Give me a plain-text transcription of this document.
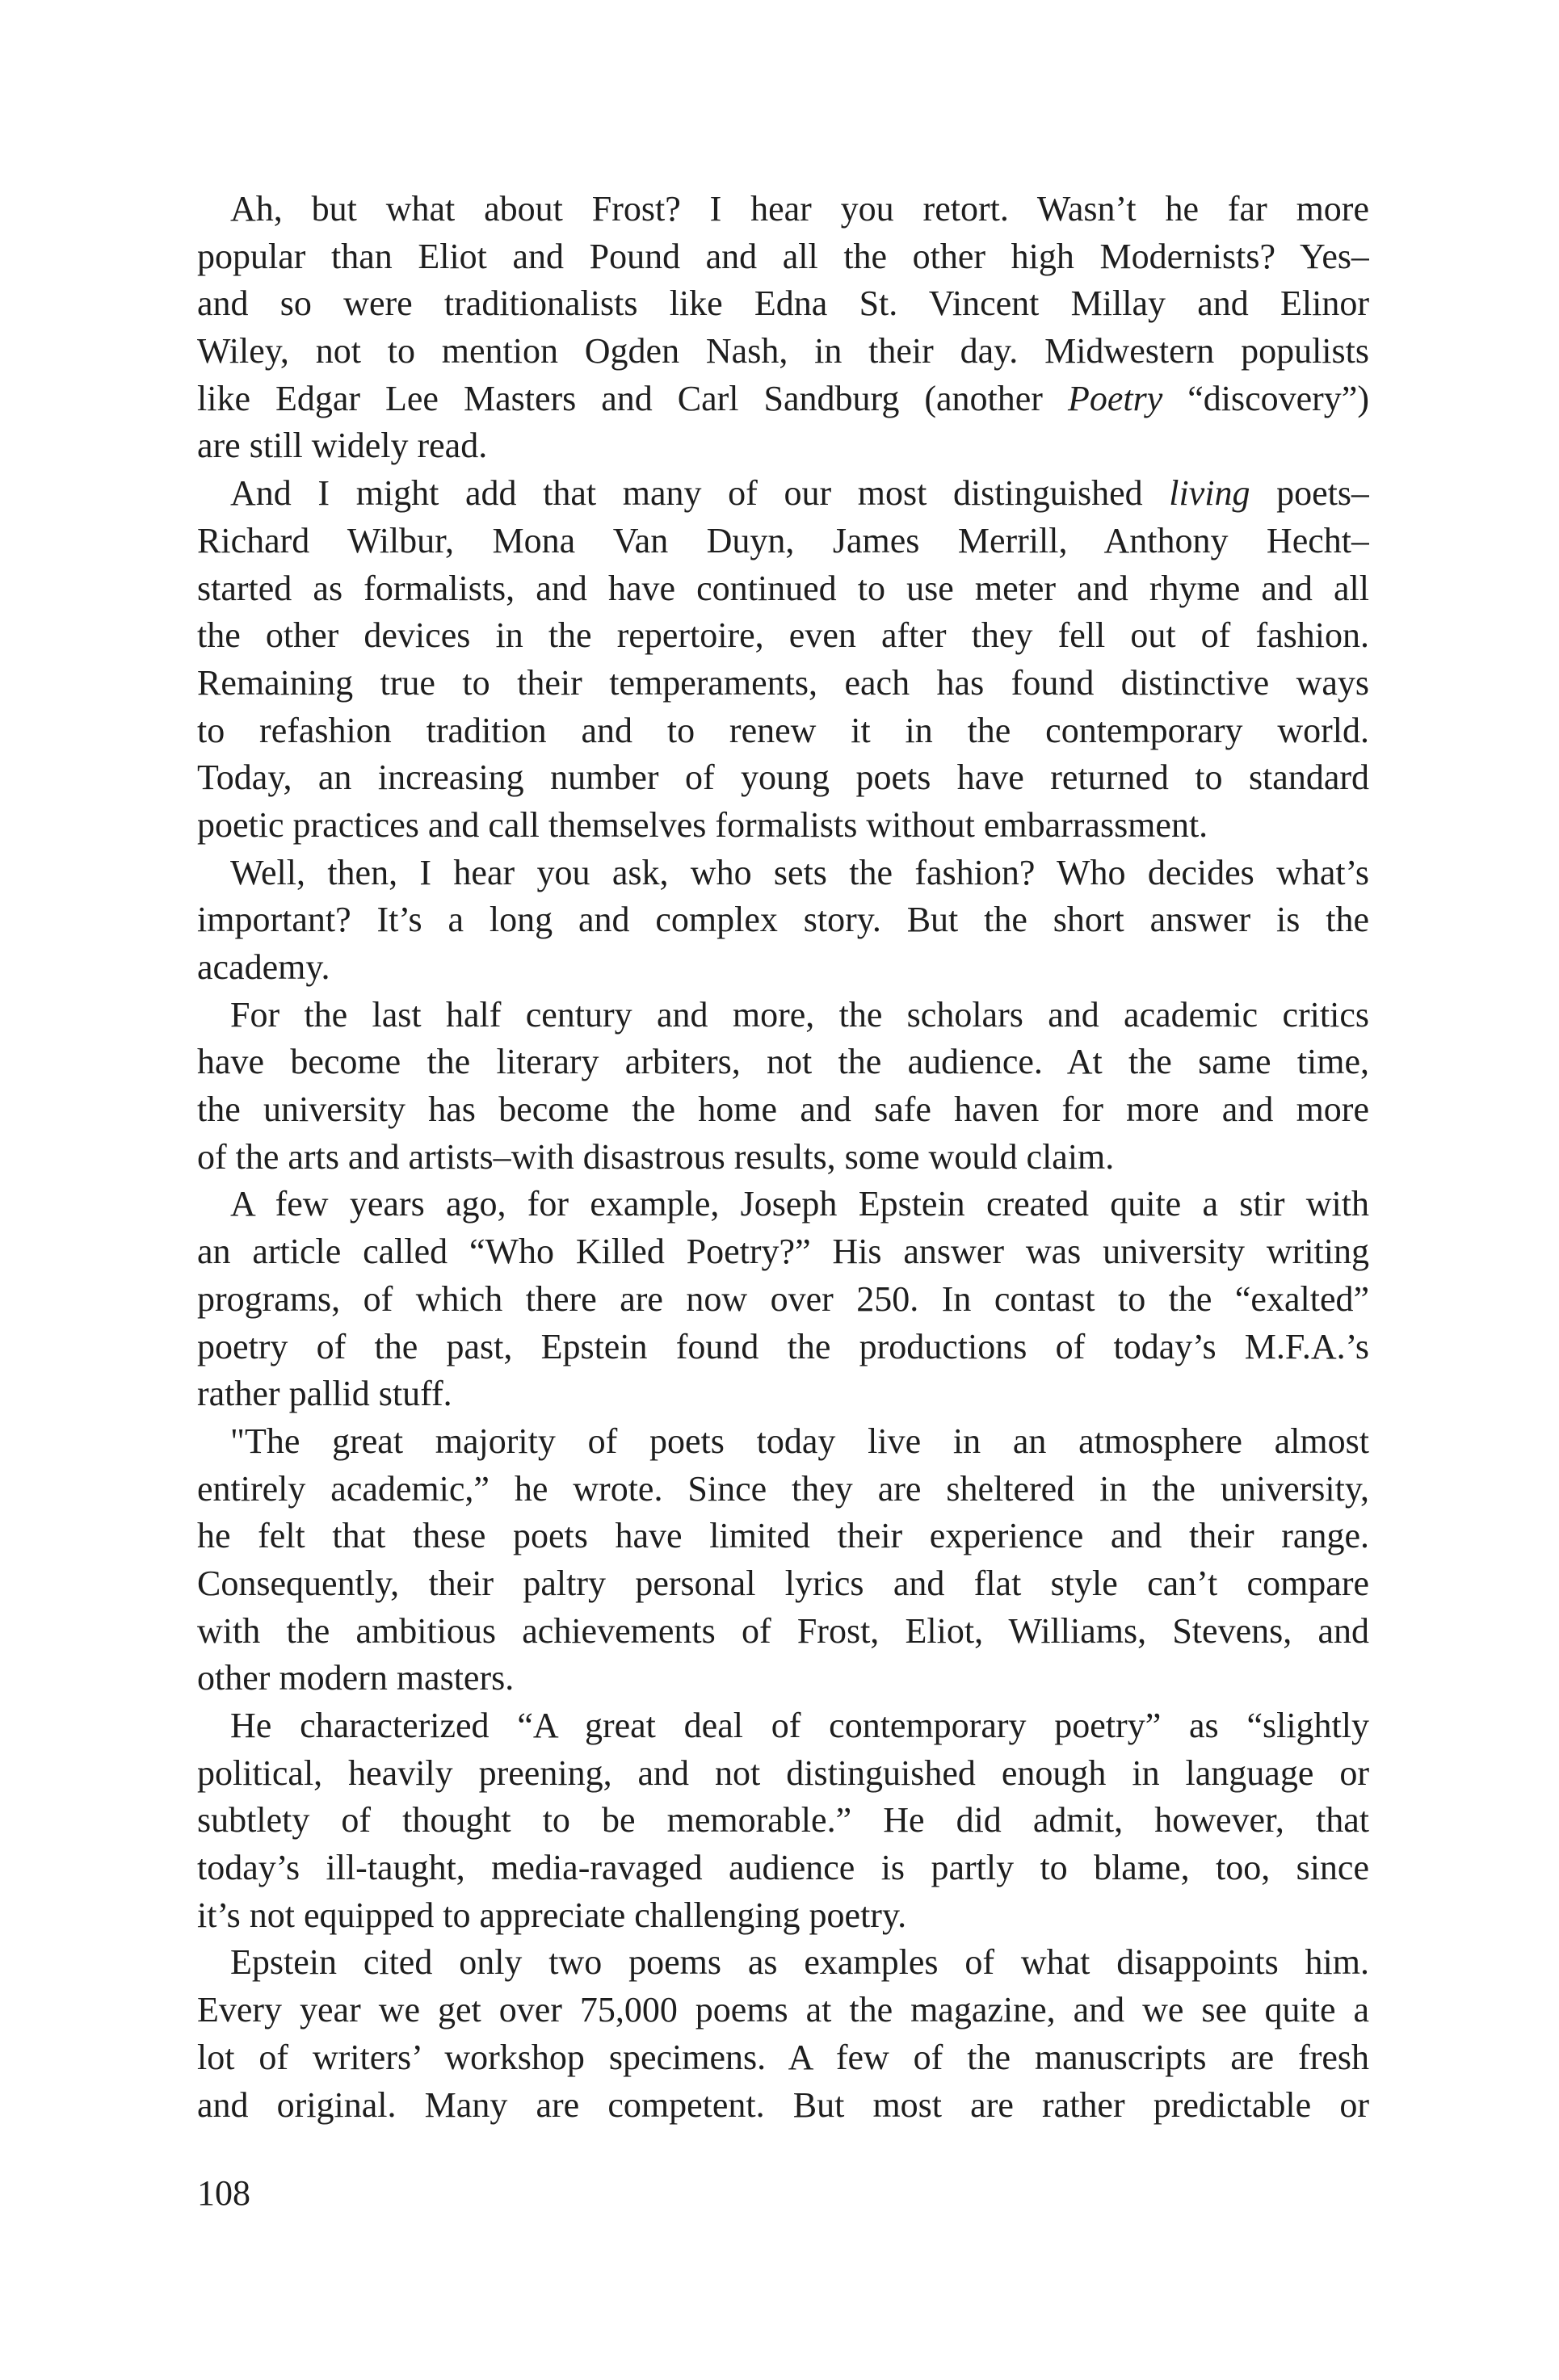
Ah, but what about Frost? I hear you retort. Wasn’t he far more
popular than Eliot and Pound and all the other high Modernists? Yes–
and so were traditionalists like Edna St. Vincent Millay and Elinor
Wiley, not to mention Ogden Nash, in their day. Midwestern populists
like Edgar Lee Masters and Carl Sandburg (another Poetry “discovery”)
are still widely read.
And I might add that many of our most distinguished living poets–
Richard Wilbur, Mona Van Duyn, James Merrill, Anthony Hecht–
started as formalists, and have continued to use meter and rhyme and all
the other devices in the repertoire, even after they fell out of fashion.
Remaining true to their temperaments, each has found distinctive ways
to refashion tradition and to renew it in the contemporary world.
Today, an increasing number of young poets have returned to standard
poetic practices and call themselves formalists without embarrassment.
Well, then, I hear you ask, who sets the fashion? Who decides what’s
important? It’s a long and complex story. But the short answer is the
academy.
For the last half century and more, the scholars and academic critics
have become the literary arbiters, not the audience. At the same time,
the university has become the home and safe haven for more and more
of the arts and artists–with disastrous results, some would claim.
A few years ago, for example, Joseph Epstein created quite a stir with
an article called “Who Killed Poetry?” His answer was university writing
programs, of which there are now over 250. In contast to the “exalted”
poetry of the past, Epstein found the productions of today’s M.F.A.’s
rather pallid stuff.
"The great majority of poets today live in an atmosphere almost
entirely academic,” he wrote. Since they are sheltered in the university,
he felt that these poets have limited their experience and their range.
Consequently, their paltry personal lyrics and flat style can’t compare
with the ambitious achievements of Frost, Eliot, Williams, Stevens, and
other modern masters.
He characterized “A great deal of contemporary poetry” as “slightly
political, heavily preening, and not distinguished enough in language or
subtlety of thought to be memorable.” He did admit, however, that
today’s ill-taught, media-ravaged audience is partly to blame, too, since
it’s not equipped to appreciate challenging poetry.
Epstein cited only two poems as examples of what disappoints him.
Every year we get over 75,000 poems at the magazine, and we see quite a
lot of writers’ workshop specimens. A few of the manuscripts are fresh
and original. Many are competent. But most are rather predictable or
108
